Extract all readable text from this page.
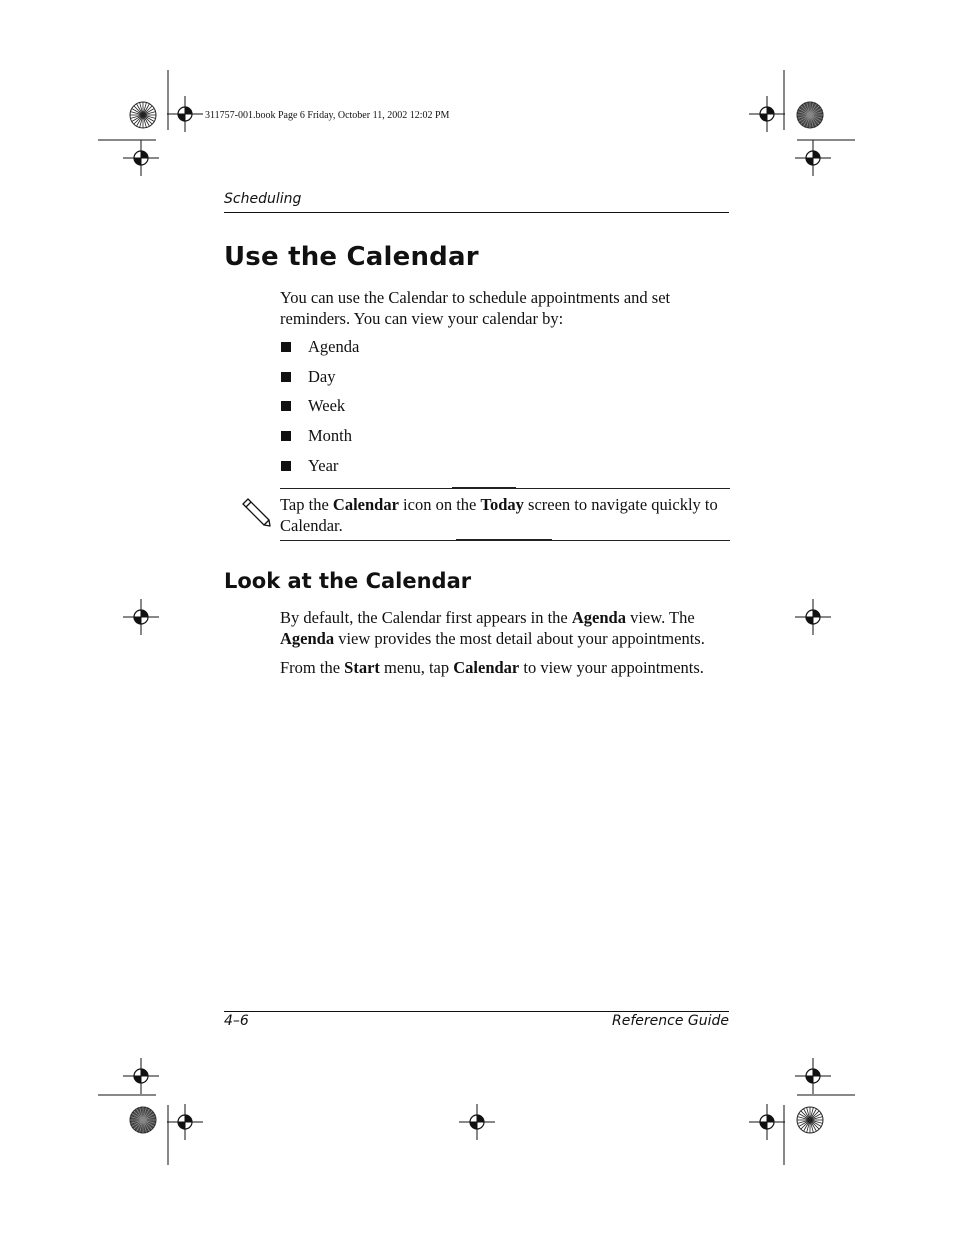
311757-001.book Page 6 Friday, October 11, 2002 12:02 PM
Scheduling
Use the Calendar
You can use the Calendar to schedule appointments and set reminders. You can view your calendar by:
Agenda
Day
Week
Month
Year
Tap the Calendar icon on the Today screen to navigate quickly to Calendar.
Look at the Calendar
By default, the Calendar first appears in the Agenda view. The Agenda view provides the most detail about your appointments.
From the Start menu, tap Calendar to view your appointments.
4–6	Reference Guide
